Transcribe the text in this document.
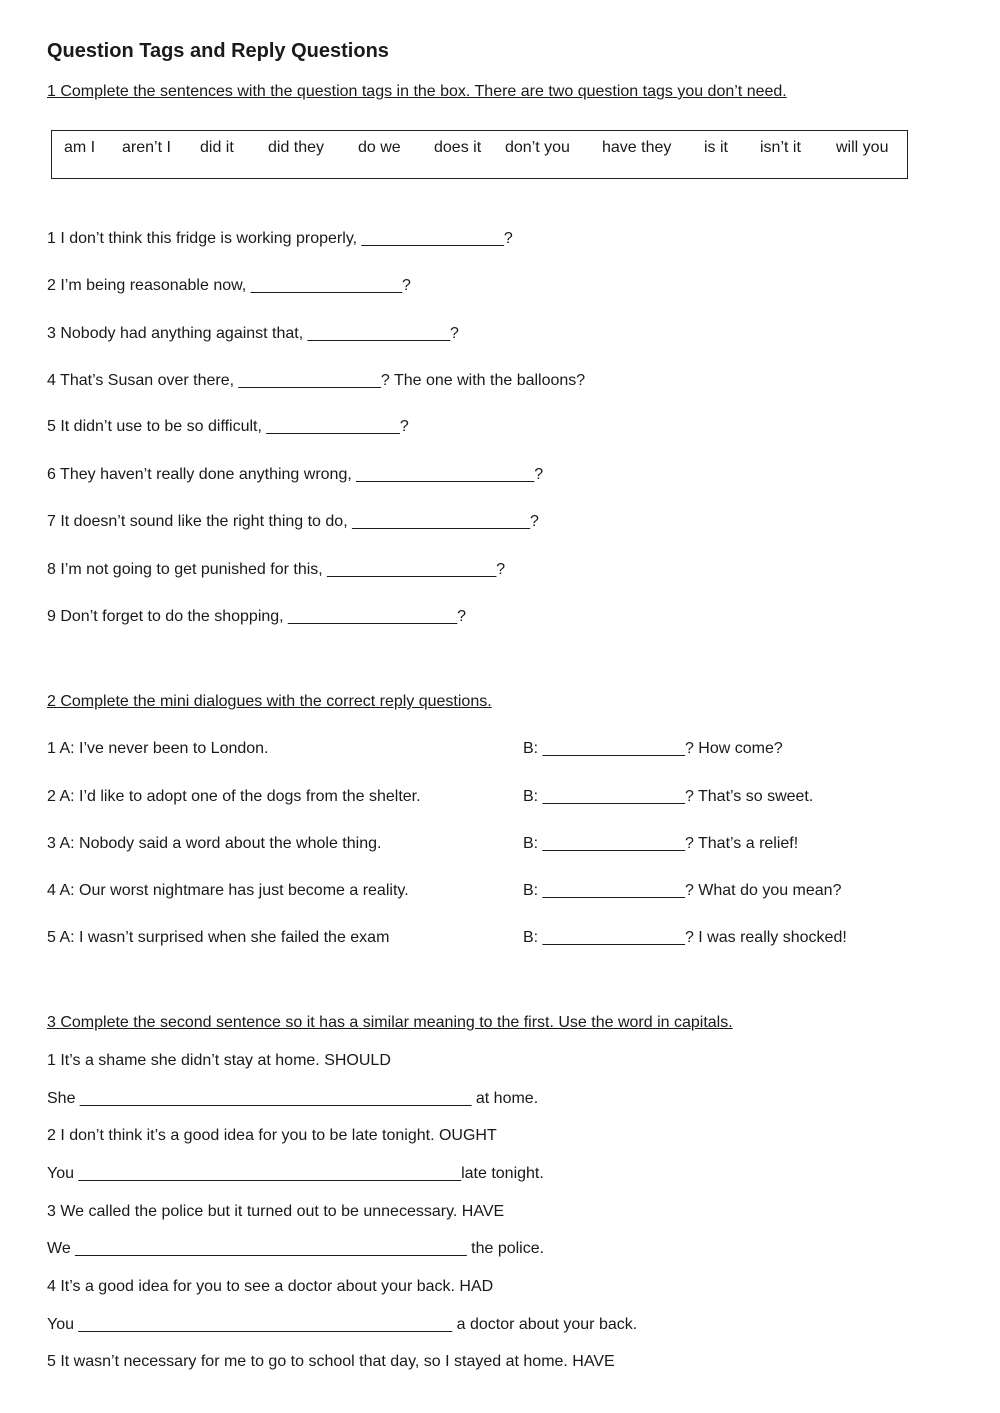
Question Tags and Reply Questions
1 Complete the sentences with the question tags in the box. There are two question tags you don’t need.
am I aren’t I did it did they do we does it don’t you have they is it isn’t it will you
1 I don’t think this fridge is working properly, ________________?
2 I’m being reasonable now, _________________?
3 Nobody had anything against that, ________________?
4 That’s Susan over there, ________________? The one with the balloons?
5 It didn’t use to be so difficult, _______________?
6 They haven’t really done anything wrong, ____________________?
7 It doesn’t sound like the right thing to do, ____________________?
8 I’m not going to get punished for this, ___________________?
9 Don’t forget to do the shopping, ___________________?
2 Complete the mini dialogues with the correct reply questions.
1 A: I’ve never been to London.	B: ________________? How come?
2 A: I’d like to adopt one of the dogs from the shelter.	B: ________________? That’s so sweet.
3 A: Nobody said a word about the whole thing.	B: ________________? That’s a relief!
4 A: Our worst nightmare has just become a reality.	B: ________________? What do you mean?
5 A: I wasn’t surprised when she failed the exam	B: ________________? I was really shocked!
3 Complete the second sentence so it has a similar meaning to the first. Use the word in capitals.
1 It’s a shame she didn’t stay at home. SHOULD
She ____________________________________________ at home.
2 I don’t think it’s a good idea for you to be late tonight. OUGHT
You ___________________________________________late tonight.
3 We called the police but it turned out to be unnecessary. HAVE
We ____________________________________________ the police.
4 It’s a good idea for you to see a doctor about your back. HAD
You __________________________________________ a doctor about your back.
5 It wasn’t necessary for me to go to school that day, so I stayed at home. HAVE
